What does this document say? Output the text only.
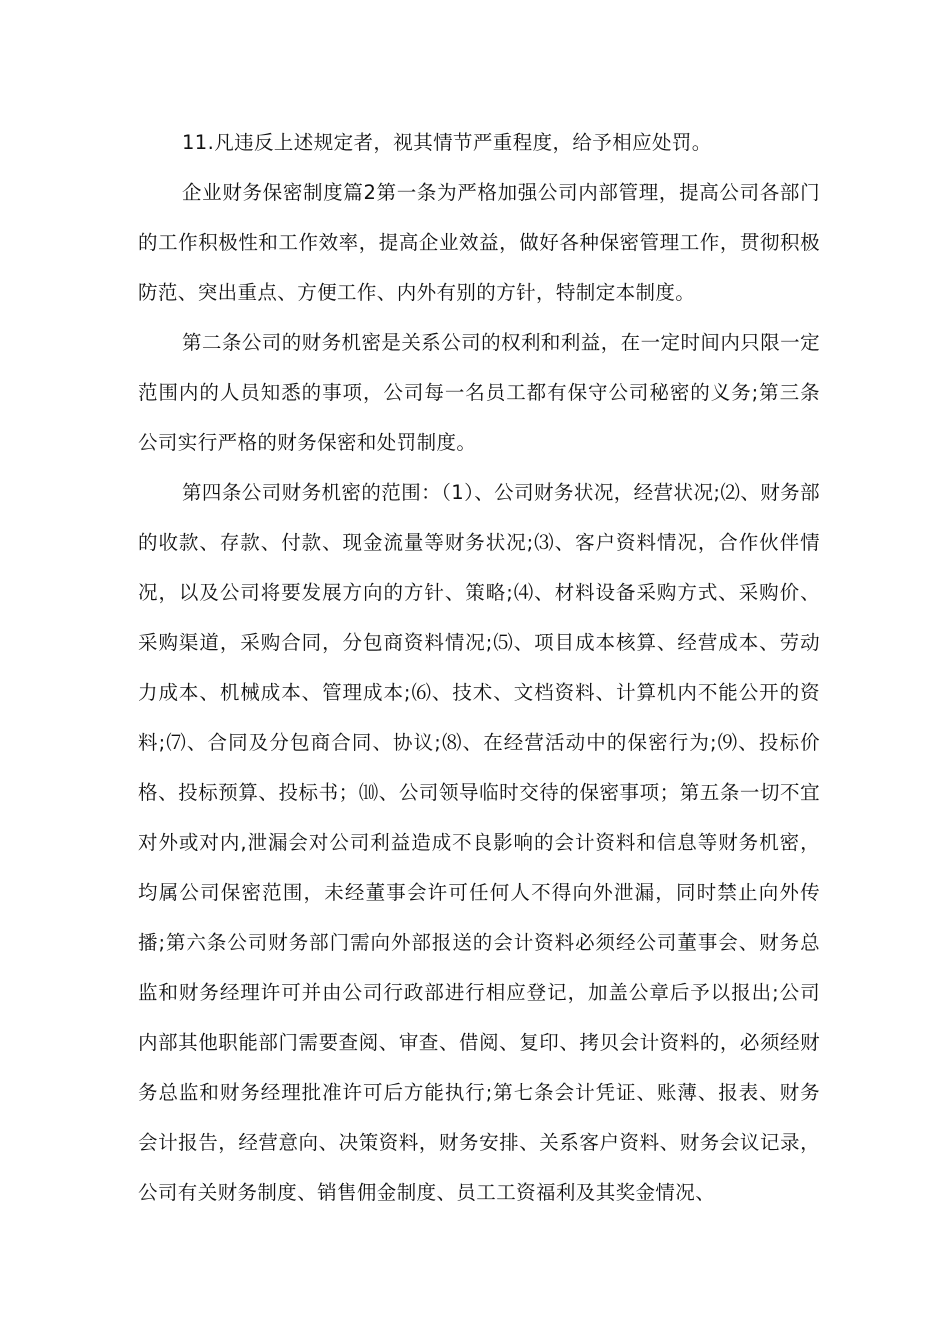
11.凡违反上述规定者，视其情节严重程度，给予相应处罚。

企业财务保密制度篇2第一条为严格加强公司内部管理，提高公司各部门的工作积极性和工作效率，提高企业效益，做好各种保密管理工作，贯彻积极防范、突出重点、方便工作、内外有别的方针，特制定本制度。

第二条公司的财务机密是关系公司的权利和利益，在一定时间内只限一定范围内的人员知悉的事项，公司每一名员工都有保守公司秘密的义务;第三条公司实行严格的财务保密和处罚制度。

第四条公司财务机密的范围：（1）、公司财务状况，经营状况;⑵、财务部的收款、存款、付款、现金流量等财务状况;⑶、客户资料情况，合作伙伴情况，以及公司将要发展方向的方针、策略;⑷、材料设备采购方式、采购价、采购渠道，采购合同，分包商资料情况;⑸、项目成本核算、经营成本、劳动力成本、机械成本、管理成本;⑹、技术、文档资料、计算机内不能公开的资料;⑺、合同及分包商合同、协议;⑻、在经营活动中的保密行为;⑼、投标价格、投标预算、投标书；⑽、公司领导临时交待的保密事项；第五条一切不宜对外或对内,泄漏会对公司利益造成不良影响的会计资料和信息等财务机密，均属公司保密范围，未经董事会许可任何人不得向外泄漏，同时禁止向外传播;第六条公司财务部门需向外部报送的会计资料必须经公司董事会、财务总监和财务经理许可并由公司行政部进行相应登记，加盖公章后予以报出;公司内部其他职能部门需要查阅、审查、借阅、复印、拷贝会计资料的，必须经财务总监和财务经理批准许可后方能执行;第七条会计凭证、账薄、报表、财务会计报告，经营意向、决策资料，财务安排、关系客户资料、财务会议记录，公司有关财务制度、销售佣金制度、员工工资福利及其奖金情况、
